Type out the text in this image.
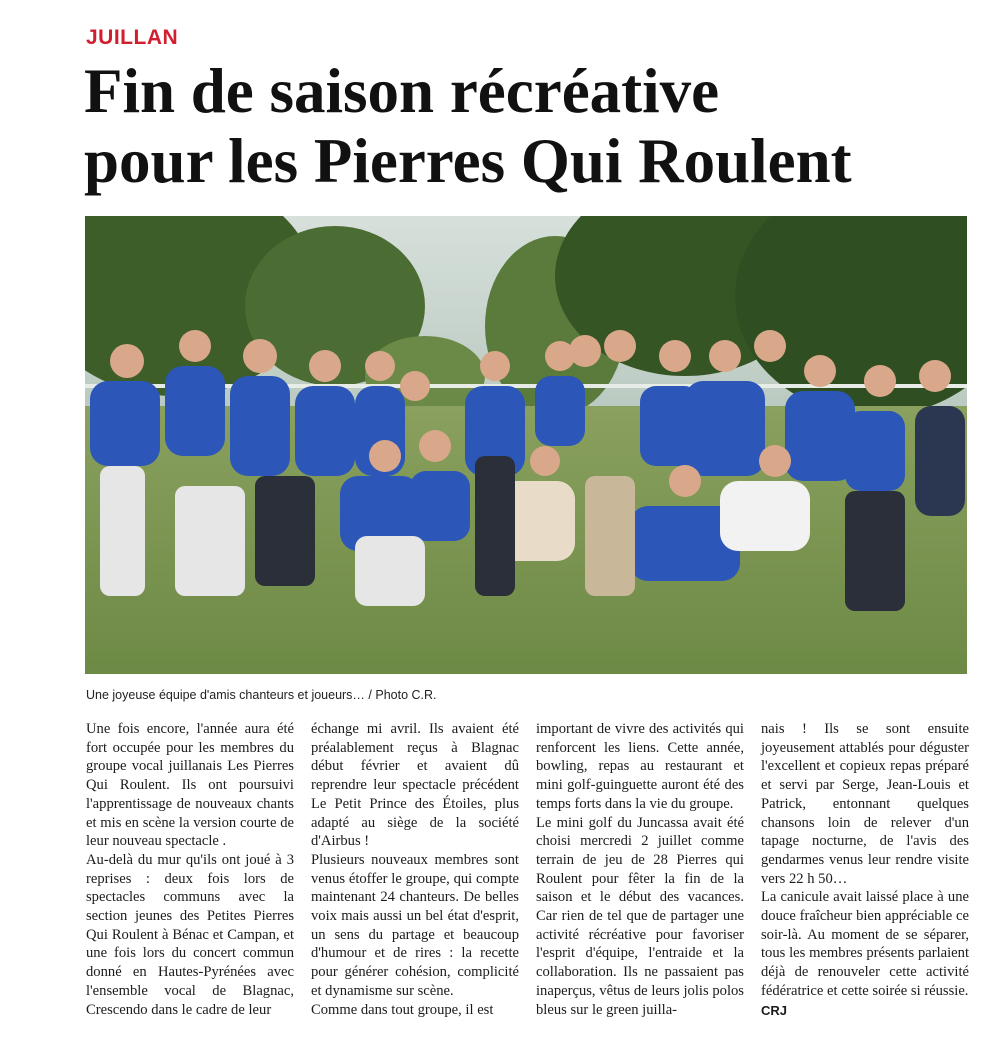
JUILLAN
Fin de saison récréative
pour les Pierres Qui Roulent
Une joyeuse équipe d'amis chanteurs et joueurs… / Photo C.R.

Une fois encore, l'année aura été fort occupée pour les membres du groupe vocal juillanais Les Pierres Qui Roulent. Ils ont poursuivi l'apprentissage de nouveaux chants et mis en scène la version courte de leur nouveau spectacle .

Au-delà du mur qu'ils ont joué à 3 reprises : deux fois lors de spectacles communs avec la section jeunes des Petites Pierres Qui Roulent à Bénac et Campan, et une fois lors du concert commun donné en Hautes-Pyrénées avec l'ensemble vocal de Blagnac, Crescendo dans le cadre de leur

échange mi avril. Ils avaient été préalablement reçus à Blagnac début février et avaient dû reprendre leur spectacle précédent Le Petit Prince des Étoiles, plus adapté au siège de la société d'Airbus !

Plusieurs nouveaux membres sont venus étoffer le groupe, qui compte maintenant 24 chanteurs. De belles voix mais aussi un bel état d'esprit, un sens du partage et beaucoup d'humour et de rires : la recette pour générer cohésion, complicité et dynamisme sur scène.

Comme dans tout groupe, il est

important de vivre des activités qui renforcent les liens. Cette année, bowling, repas au restaurant et mini golf-guinguette auront été des temps forts dans la vie du groupe.

Le mini golf du Juncassa avait été choisi mercredi 2 juillet comme terrain de jeu de 28 Pierres qui Roulent pour fêter la fin de la saison et le début des vacances. Car rien de tel que de partager une activité récréative pour favoriser l'esprit d'équipe, l'entraide et la collaboration. Ils ne passaient pas inaperçus, vêtus de leurs jolis polos bleus sur le green juilla-

nais ! Ils se sont ensuite joyeusement attablés pour déguster l'excellent et copieux repas préparé et servi par Serge, Jean-Louis et Patrick, entonnant quelques chansons loin de relever d'un tapage nocturne, de l'avis des gendarmes venus leur rendre visite vers 22 h 50…

La canicule avait laissé place à une douce fraîcheur bien appréciable ce soir-là. Au moment de se séparer, tous les membres présents parlaient déjà de renouveler cette activité fédératrice et cette soirée si réussie.

CRJ
